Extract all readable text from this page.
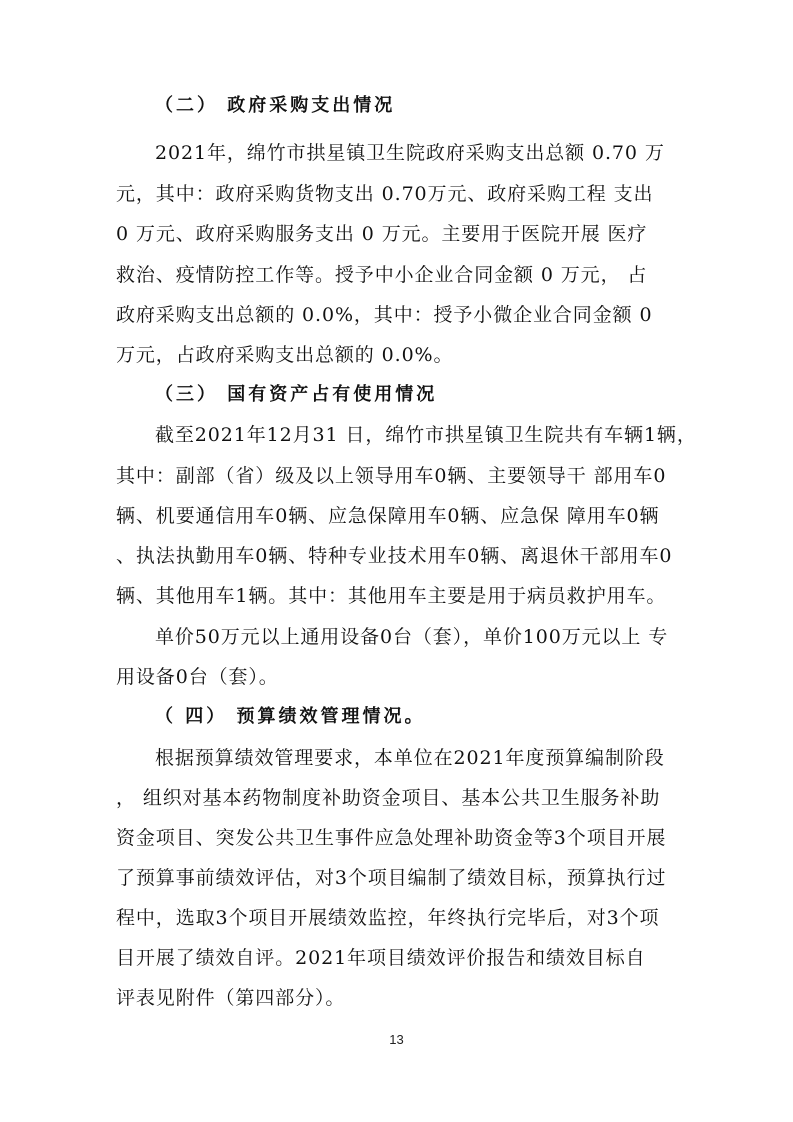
（二） 政府采购支出情况
2021年，绵竹市拱星镇卫生院政府采购支出总额 0.70 万
元，其中：政府采购货物支出 0.70万元、政府采购工程 支出
0 万元、政府采购服务支出 0 万元。主要用于医院开展 医疗
救治、疫情防控工作等。授予中小企业合同金额 0 万元， 占
政府采购支出总额的 0.0%，其中：授予小微企业合同金额 0
万元，占政府采购支出总额的 0.0%。
（三） 国有资产占有使用情况
截至2021年12月31 日，绵竹市拱星镇卫生院共有车辆1辆，
其中：副部（省）级及以上领导用车0辆、主要领导干 部用车0
辆、机要通信用车0辆、应急保障用车0辆、应急保 障用车0辆
、执法执勤用车0辆、特种专业技术用车0辆、离退休干部用车0
辆、其他用车1辆。其中：其他用车主要是用于病员救护用车。
单价50万元以上通用设备0台（套），单价100万元以上 专
用设备0台（套）。
（ 四） 预算绩效管理情况。
根据预算绩效管理要求，本单位在2021年度预算编制阶段
， 组织对基本药物制度补助资金项目、基本公共卫生服务补助
资金项目、突发公共卫生事件应急处理补助资金等3个项目开展
了预算事前绩效评估，对3个项目编制了绩效目标，预算执行过
程中，选取3个项目开展绩效监控，年终执行完毕后，对3个项
目开展了绩效自评。2021年项目绩效评价报告和绩效目标自
评表见附件（第四部分）。
13
